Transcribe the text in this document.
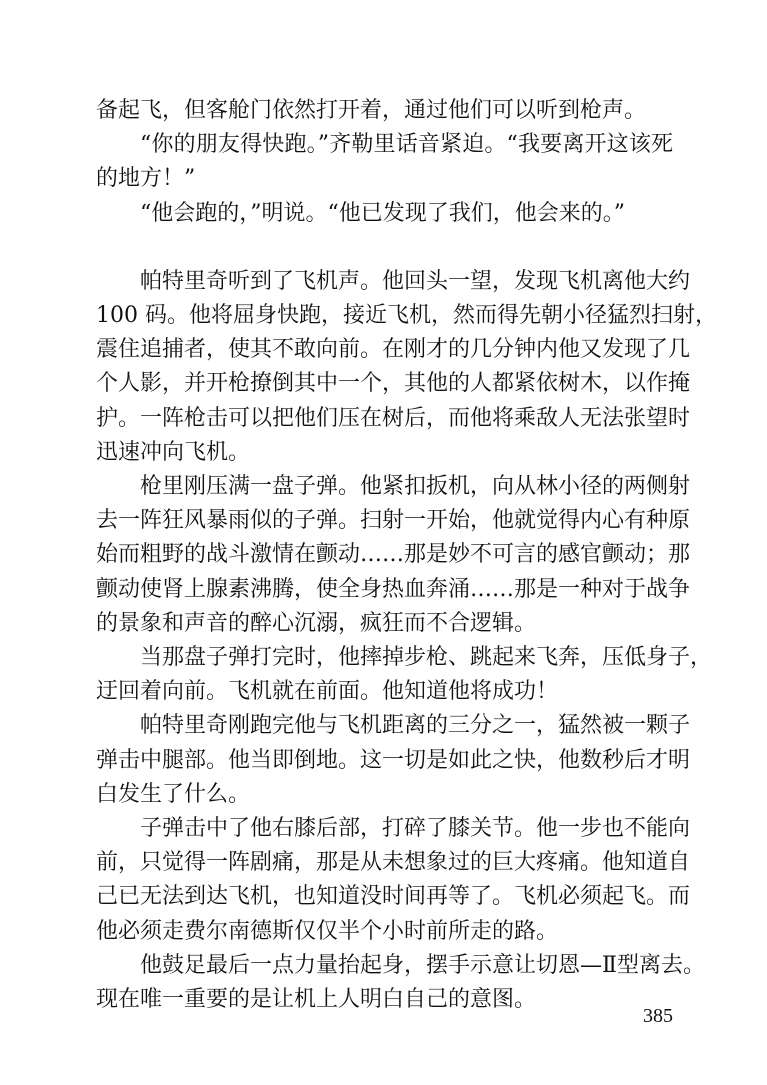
备起飞，但客舱门依然打开着，通过他们可以听到枪声。
“你的朋友得快跑。”齐勒里话音紧迫。“我要离开这该死
的地方！”
“他会跑的，”明说。“他已发现了我们，他会来的。”
帕特里奇听到了飞机声。他回头一望，发现飞机离他大约
100 码。他将屈身快跑，接近飞机，然而得先朝小径猛烈扫射，
震住追捕者，使其不敢向前。在刚才的几分钟内他又发现了几
个人影，并开枪撩倒其中一个，其他的人都紧依树木，以作掩
护。一阵枪击可以把他们压在树后，而他将乘敌人无法张望时
迅速冲向飞机。
枪里刚压满一盘子弹。他紧扣扳机，向从林小径的两侧射
去一阵狂风暴雨似的子弹。扫射一开始，他就觉得内心有种原
始而粗野的战斗激情在颤动……那是妙不可言的感官颤动；那
颤动使肾上腺素沸腾，使全身热血奔涌……那是一种对于战争
的景象和声音的醉心沉溺，疯狂而不合逻辑。
当那盘子弹打完时，他摔掉步枪、跳起来飞奔，压低身子，
迂回着向前。飞机就在前面。他知道他将成功！
帕特里奇刚跑完他与飞机距离的三分之一，猛然被一颗子
弹击中腿部。他当即倒地。这一切是如此之快，他数秒后才明
白发生了什么。
子弹击中了他右膝后部，打碎了膝关节。他一步也不能向
前，只觉得一阵剧痛，那是从未想象过的巨大疼痛。他知道自
己已无法到达飞机，也知道没时间再等了。飞机必须起飞。而
他必须走费尔南德斯仅仅半个小时前所走的路。
他鼓足最后一点力量抬起身，摆手示意让切恩—Ⅱ型离去。
现在唯一重要的是让机上人明白自己的意图。
385
